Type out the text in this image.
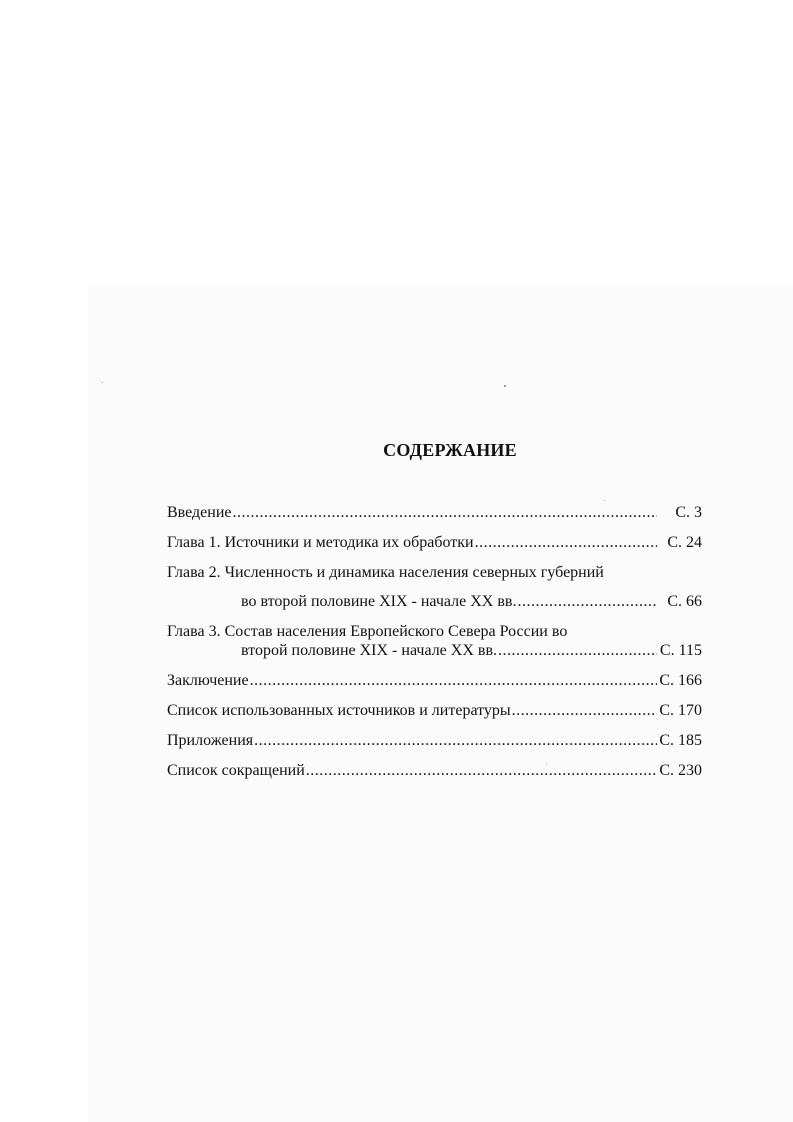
СОДЕРЖАНИЕ
Введение .....	С. 3
Глава 1. Источники и методика их обработки .....	С. 24
Глава 2. Численность и динамика населения северных губерний
во второй половине XIX - начале XX вв. .....	С. 66
Глава 3. Состав населения Европейского Севера России во
второй половине XIX - начале XX вв. .....	С. 115
Заключение .....	С. 166
Список использованных источников и литературы .....	С. 170
Приложения .....	С. 185
Список сокращений .....	С. 230
